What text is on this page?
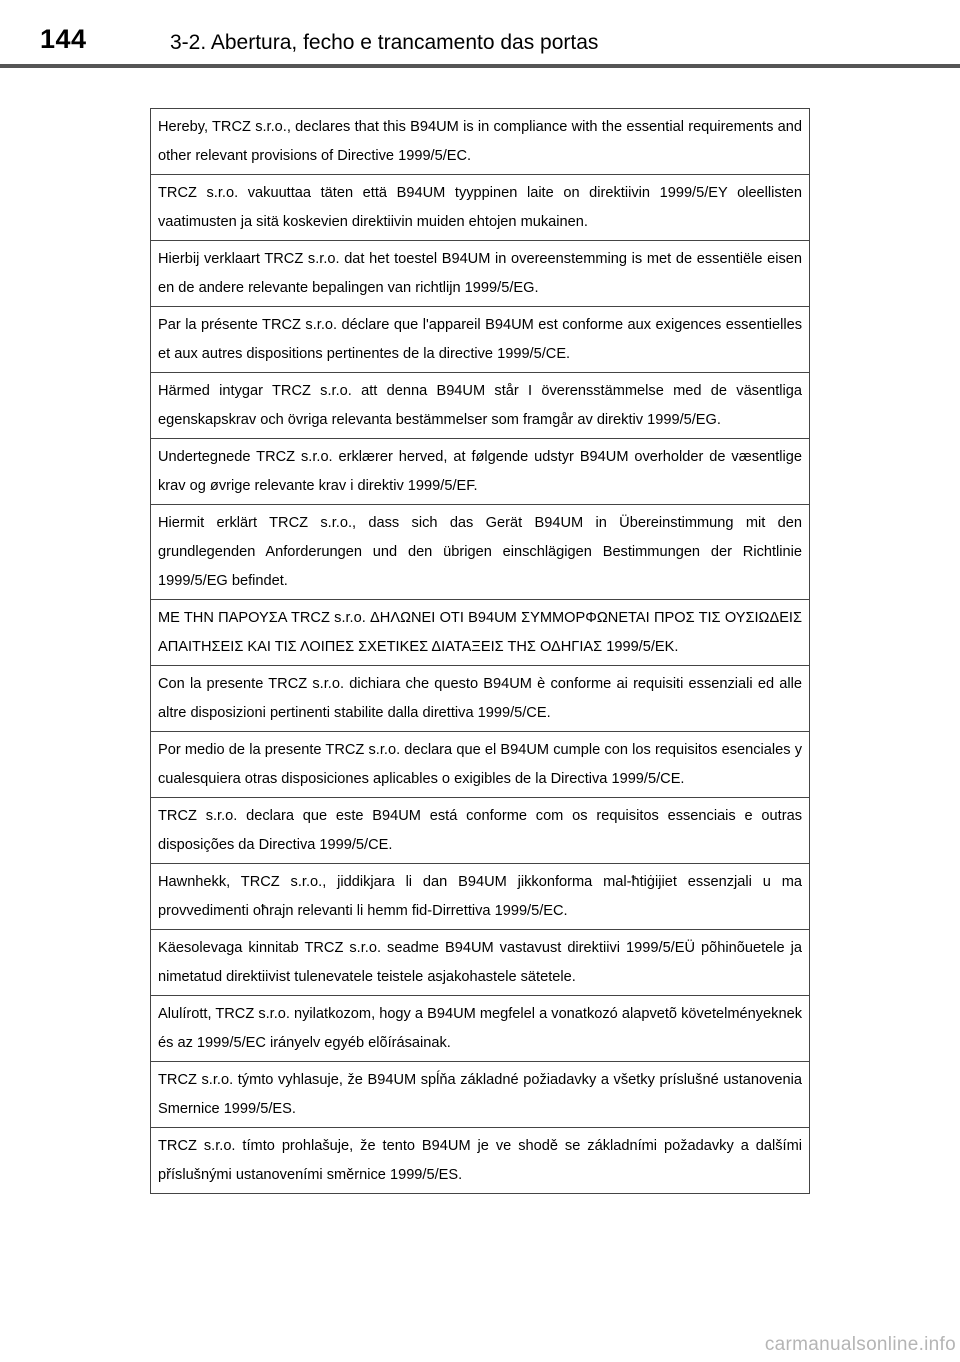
144	3-2. Abertura, fecho e trancamento das portas
Hereby, TRCZ s.r.o., declares that this B94UM is in compliance with the essential requirements and other relevant provisions of Directive 1999/5/EC.
TRCZ s.r.o. vakuuttaa täten että B94UM tyyppinen laite on direktiivin 1999/5/EY oleellisten vaatimusten ja sitä koskevien direktiivin muiden ehtojen mukainen.
Hierbij verklaart TRCZ s.r.o. dat het toestel B94UM in overeenstemming is met de essentiële eisen en de andere relevante bepalingen van richtlijn 1999/5/EG.
Par la présente TRCZ s.r.o. déclare que l'appareil B94UM est conforme aux exigences essentielles et aux autres dispositions pertinentes de la directive 1999/5/CE.
Härmed intygar TRCZ s.r.o. att denna B94UM står I överensstämmelse med de väsentliga egenskapskrav och övriga relevanta bestämmelser som framgår av direktiv 1999/5/EG.
Undertegnede TRCZ s.r.o. erklærer herved, at følgende udstyr B94UM overholder de væsentlige krav og øvrige relevante krav i direktiv 1999/5/EF.
Hiermit erklärt TRCZ s.r.o., dass sich das Gerät B94UM in Übereinstimmung mit den grundlegenden Anforderungen und den übrigen einschlägigen Bestimmungen der Richtlinie 1999/5/EG befindet.
ΜΕ ΤΗΝ ΠΑΡΟΥΣΑ TRCZ s.r.o. ΔΗΛΩΝΕΙ ΟΤΙ B94UM ΣΥΜΜΟΡΦΩΝΕΤΑΙ ΠΡΟΣ ΤΙΣ ΟΥΣΙΩΔΕΙΣ ΑΠΑΙΤΗΣΕΙΣ ΚΑΙ ΤΙΣ ΛΟΙΠΕΣ ΣΧΕΤΙΚΕΣ ΔΙΑΤΑΞΕΙΣ ΤΗΣ ΟΔΗΓΙΑΣ 1999/5/ΕΚ.
Con la presente TRCZ s.r.o. dichiara che questo B94UM è conforme ai requisiti essenziali ed alle altre disposizioni pertinenti stabilite dalla direttiva 1999/5/CE.
Por medio de la presente TRCZ s.r.o. declara que el B94UM cumple con los requisitos esenciales y cualesquiera otras disposiciones aplicables o exigibles de la Directiva 1999/5/CE.
TRCZ s.r.o. declara que este B94UM está conforme com os requisitos essenciais e outras disposições da Directiva 1999/5/CE.
Hawnhekk, TRCZ s.r.o., jiddikjara li dan B94UM jikkonforma mal-ħtiġijiet essenzjali u ma provvedimenti oħrajn relevanti li hemm fid-Dirrettiva 1999/5/EC.
Käesolevaga kinnitab TRCZ s.r.o. seadme B94UM vastavust direktiivi 1999/5/EÜ põhinõuetele ja nimetatud direktiivist tulenevatele teistele asjakohastele sätetele.
Alulírott, TRCZ s.r.o. nyilatkozom, hogy a B94UM megfelel a vonatkozó alapvetõ követelményeknek és az 1999/5/EC irányelv egyéb elõírásainak.
TRCZ s.r.o. týmto vyhlasuje, že B94UM spĺňa základné požiadavky a všetky príslušné ustanovenia Smernice 1999/5/ES.
TRCZ s.r.o. tímto prohlašuje, že tento B94UM je ve shodě se základními požadavky a dalšími příslušnými ustanoveními směrnice 1999/5/ES.
carmanualsonline.info
